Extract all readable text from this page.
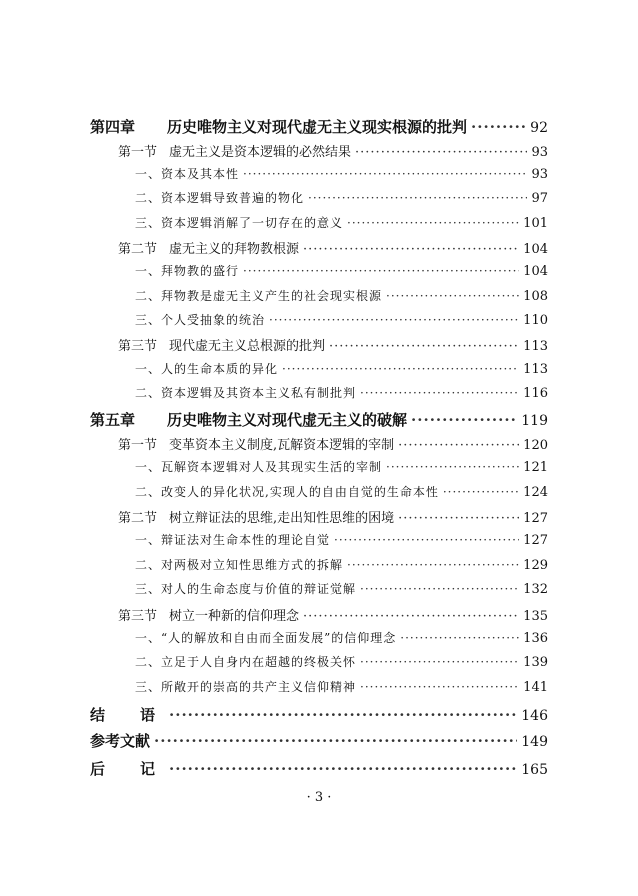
第四章 历史唯物主义对现代虚无主义现实根源的批判 ·····	92
第一节 虚无主义是资本逻辑的必然结果 ·····	93
一、资本及其本性 ·····	93
二、资本逻辑导致普遍的物化 ·····	97
三、资本逻辑消解了一切存在的意义 ·····	101
第二节 虚无主义的拜物教根源 ·····	104
一、拜物教的盛行 ·····	104
二、拜物教是虚无主义产生的社会现实根源 ·····	108
三、个人受抽象的统治 ·····	110
第三节 现代虚无主义总根源的批判 ·····	113
一、人的生命本质的异化 ·····	113
二、资本逻辑及其资本主义私有制批判 ·····	116
第五章 历史唯物主义对现代虚无主义的破解 ·····	119
第一节 变革资本主义制度,瓦解资本逻辑的宰制 ·····	120
一、瓦解资本逻辑对人及其现实生活的宰制 ·····	121
二、改变人的异化状况,实现人的自由自觉的生命本性 ·····	124
第二节 树立辩证法的思维,走出知性思维的困境 ·····	127
一、辩证法对生命本性的理论自觉 ·····	127
二、对两极对立知性思维方式的拆解 ·····	129
三、对人的生命态度与价值的辩证觉解 ·····	132
第三节 树立一种新的信仰理念 ·····	135
一、“人的解放和自由而全面发展”的信仰理念 ·····	136
二、立足于人自身内在超越的终极关怀 ·····	139
三、所敞开的崇高的共产主义信仰精神 ·····	141
结　语 ·····	146
参考文献 ·····	149
后　记 ·····	165
· 3 ·
